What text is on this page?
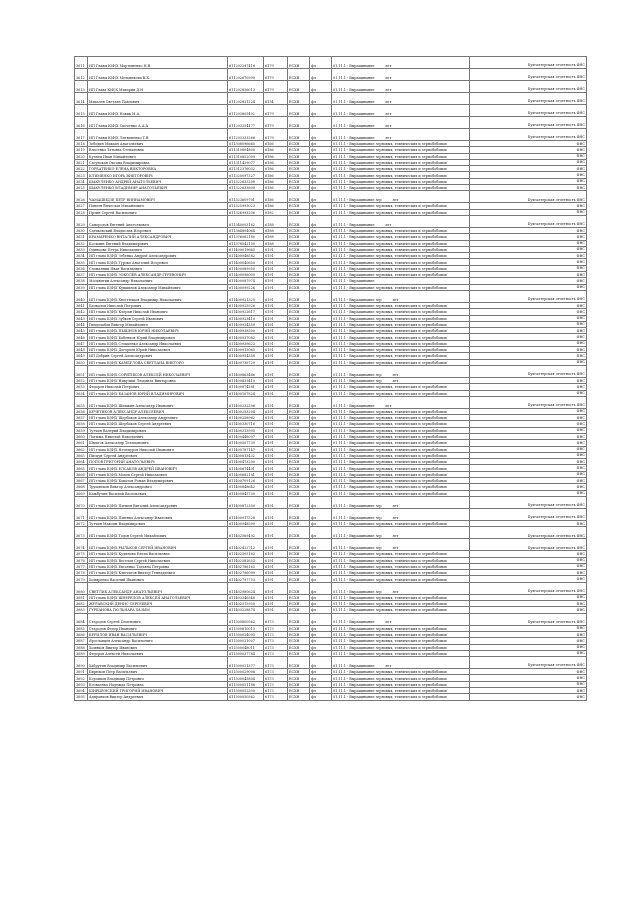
3611	ИП Главы К(Ф)Х Мартыненко Н.В.	611202297416	6179	ЕСХН	фл	01.11.1 - Выращивание лет	Бухгалтерская отчетность ФНС
3612	ИП Главы К(Ф)Х Мельникова К.Х.	611202670990	6179	ЕСХН	фл	01.11.1 - Выращивание лет	Бухгалтерская отчетность ФНС
3613	ИП Глава К(Ф)Х Михарин Д.Н	611202856013	6179	ЕСХН	фл	01.11.1 - Выращивание лет	Бухгалтерская отчетность ФНС
3614	Михалев Светлан Павлович	611202821224	6154	ЕСХН	фл	01.11.1 - Выращивание лет	Бухгалтерская отчетность ФНС
3615	ИП Главы К(Ф)Х Новик М.А.	611203805402	6179	ЕСХН	фл	01.11.1 - Выращивание лет	Бухгалтерская отчетность ФНС
3616	ИП Главы К(Ф)Х Скоченко А.А.А	611203254177	6179	ЕСХН	фл	01.11.1 - Выращивание лет	Бухгалтерская отчетность ФНС
3617	ИП Главы К(Ф)Х Литвиненко Т.В.	611203333266	6179	ЕСХН	фл	01.11.1 - Выращивание лет	Бухгалтерская отчетность ФНС
3618	Зебодин Михаил Анатольевич	611308096665	6186	ЕСХН	фл	01.11.1 - Выращивание зерновых, технических и зернобобовых	ФНС
3619	Власенко Татьяна Степановна	611310804800	6186	ЕСХН	фл	01.11.1 - Выращивание зерновых, технических и зернобобовых	ФНС
3620	Кузнец Иван Михайлович	611310852009	6186	ЕСХН	фл	01.11.1 - Выращивание зерновых, технических и зернобобовых	ФНС
3621	Сасунская Оксана Владимировна	611311429077	6186	ЕСХН	фл	01.11.1 - Выращивание зерновых, технических и зернобобовых	ФНС
3622	ГОРБАТЕНКО ЕЛЕНА ВИКТОРОВНА	611312376032	6186	ЕСХН	фл	01.11.1 - Выращивание зерновых, технических и зернобобовых	ФНС
3623	КЛИМЕНКО ИГОРЬ ВИКТОРОВИЧ	611320097327	6186	ЕСХН	фл	01.11.1 - Выращивание зерновых, технических и зернобобовых	ФНС
3624	ШАКУЛЕНКО АНДРЕЙ АНАТОЛЬЕВИЧ	611322633208	6186	ЕСХН	фл	01.11.1 - Выращивание зерновых, технических и зернобобовых	ФНС
3625	ШАКУЛЕНКО ВЛАДИМИР АНАТОЛЬЕВИЧ	611322633800	6186	ЕСХН	фл	01.11.1 - Выращивание зерновых, технических и зернобобовых	ФНС
3626	ЧАМАШИДЗЕ ПЕТР ВИННАМОВИЧ	611323609701	6186	ЕСХН	фл	01.11.1 - Выращивание зер лет	Бухгалтерская отчетность ФНС
3627	Панеев Вячеслав Михайлович	611325993023	6186	ЕСХН	фл	01.11.1 - Выращивание зерновых, технических и зернобобовых	ФНС
3628	Ирзин Сергей Васильевич	611326993206	6182	ЕСХН	фл	01.11.1 - Выращивание зерновых, технических и зернобобовых	ФНС
3629	Самородов Евгений Анатольевич	611340003162	6188	ЕСХН	фл	01.11.1 - Выращивание лет	Бухгалтерская отчетность ФНС
3630	Сатиковский Владислав Игоревич	611364804064	6188	ЕСХН	фл	01.11.1 - Выращивание зерновых, технических и зернобобовых	ФНС
3631	КРАМАРЕНКО ВИТАЛИЙ АЛЕКСАНДРОВИЧ	611376062180	6188	ЕСХН	фл	01.11.1 - Выращивание зерновых, технических и зернобобовых	ФНС
3632	Косьмин Евгений Владимирович	611378542100	6188	ЕСХН	фл	01.11.1 - Выращивание зерновых, технических и зернобобовых	ФНС
3633	Одинцова Петра Николаевич	611400019665	6191	ЕСХН	фл	01.11.1 - Выращивание зерновых, технических и зернобобовых	ФНС
3634	ИП глава К(Ф)Х Зебенко Андрей Александрович	611400048582	6191	ЕСХН	фл	01.11.1 - Выращивание зерновых, технических и зернобобовых	ФНС
3635	ИП глава К(Ф)Х Гурзко Анатолий Игоревич	611400040650	6191	ЕСХН	фл	01.11.1 - Выращивание зерновых, технических и зернобобовых	ФНС
3636	Сломанник Иван Васильевич	611400089950	6191	ЕСХН	фл	01.11.1 - Выращивание зерновых, технических и зернобобовых	ФНС
3637	ИП глава К(Ф)Х ЗОКОЛЕВ АЛЕКСАНДР ГУРЕВОНИЧ	611400096000	6191	ЕСХН	фл	01.11.1 - Выращивание зерновых, технических и зернобобовых	ФНС
3638	Москвитин Александр Николаевич	611400087974	6191	ЕСХН	фл	01.11.1 - Выращивание	ФНС
3639	ИП глава К(Ф)Х Кувшинов Александр Михайлович	611400099226	6191	ЕСХН	фл	01.11.1 - Выращивание зерновых, технических и зернобобовых	ФНС
3640	ИП глава К(Ф)Х Хвостичков Владимир Николаевич	611400921325	6191	ЕСХН	фл	01.11.1 - Выращивание зер лет	Бухгалтерская отчетность ФНС
3641	Бачкалов Николай Петрович	611400925926	6191	ЕСХН	фл	01.11.1 - Выращивание зерновых, технических и зернобобовых	ФНС
3642	ИП глава К(Ф)Х Клерин Николай Иванович	611400922617	6191	ЕСХН	фл	01.11.1 - Выращивание зерновых, технических и зернобобовых	ФНС
3643	ИП глава К(Ф)Х Зубков Сергей Иванович	611400923410	6191	ЕСХН	фл	01.11.1 - Выращивание зерновых, технических и зернобобовых	ФНС
3644	Гиндолабов Виктор Михайлович	611400924350	6191	ЕСХН	фл	01.11.1 - Выращивание зерновых, технических и зернобобовых	ФНС
3645	ИП глава К(Ф)Х ПЫШНОВ ЮРИЙ НИКОЛАЕВИЧ	611400938500	6191	ЕСХН	фл	01.11.1 - Выращивание зерновых, технических и зернобобовых	ФНС
3646	ИП глава К(Ф)Х Бабенков Юрий Владимирович	611400937082	6191	ЕСХН	фл	01.11.1 - Выращивание зерновых, технических и зернобобовых	ФНС
3647	ИП глава К(Ф)Х Стоцкенко Александр Николаевич	611400939623	6191	ЕСХН	фл	01.11.1 - Выращивание зерновых, технических и зернобобовых	ФНС
3648	ИП глава К(Ф)Х Догорьев Юрий Николаевич	611400915065	6191	ЕСХН	фл	01.11.1 - Выращивание зерновых, технических и зернобобовых	ФНС
3649	ИП Добрин Сергей Александрович	611400954358	6191	ЕСХН	фл	01.11.1 - Выращивание зерновых, технических и зернобобовых	ФНС
3650	ИП глава К(Ф)Х КАМБУЛОВА СВЕТЛАНА ВИКТОРО	611400736729	6191	ЕСХН	фл	01.11.1 - Выращивание зерновых, технических и зернобобовых	ФНС
3651	ИП глава К(Ф)Х СОРЯТИКОВ АЛЕКСЕЙ НИКОЛАЕВИЧ	611400863466	6191	ЕСХН	фл	01.11.1 - Выращивание зер лет	Бухгалтерская отчетность ФНС
3652	ИП глава К(Ф)Х Никулиш Людмила Викторовна	611400839410	6191	ЕСХН	фл	01.11.1 - Выращивание зер лет	ФНС
3653	Федоров Николай Петрович	611400874281	6191	ЕСХН	фл	01.11.1 - Выращивание зерновых, технических и зернобобовых	ФНС
3654	ИП глава К(Ф)Х БАЗАНОВ ЮРИЙ ВЛАДИМИРОВИЧ	611400107824	6191	ЕСХН	фл	01.11.1 - Выращивание зерновых, технических и зернобобовых	ФНС
3655	ИП глава К(Ф)Х Шишкин Александр Иванович	611400232396	6191	ЕСХН	фл	01.11.1 - Выращивание лет	Бухгалтерская отчетность ФНС
3656	КЕЧЕТИКОВ АЛЕКСАНДР АЛЕКСЕЕВИЧ	611400253204	6191	ЕСХН	фл	01.11.1 - Выращивание зерновых, технических и зернобобовых	ФНС
3657	ИП глава К(Ф)Х Щербаков Александр Андреевич	611400258962	6191	ЕСХН	фл	01.11.1 - Выращивание зерновых, технических и зернобобовых	ФНС
3658	ИП глава К(Ф)Х Щербаков Сергей Андреевич	611400330716	6191	ЕСХН	фл	01.11.1 - Выращивание зерновых, технических и зернобобовых	ФНС
3659	Тутчин Валерий Владимирович	611400313995	6191	ЕСХН	фл	01.11.1 - Выращивание зерновых, технических и зернобобовых	ФНС
3660	Латыжа Николай Николаевич	611400448007	6191	ЕСХН	фл	01.11.1 - Выращивание зерновых, технических и зернобобовых	ФНС
3661	Шмитов Александр Тельманович	611400507739	6191	ЕСХН	фл	01.11.1 - Выращивание зерновых, технических и зернобобовых	ФНС
3662	ИП глава К(Ф)Х Нечепуров Николай Иванович	611400787147	6191	ЕСХН	фл	01.11.1 - Выращивание зерновых, технических и зернобобовых	ФНС
3663	Пискун Сергей Андреевич	611400813432	6191	ЕСХН	фл	01.11.1 - Выращивание зерновых, технических и зернобобовых	ФНС
3664	ПОПОВ ГРИГОРИЙ АНАТОЛЬЕВИЧ	611400473200	6191	ЕСХН	фл	01.11.1 - Выращивание зерновых, технических и зернобобовых	ФНС
3665	ИП глава К(Ф)Х ЕЛСАКОВ АНДРЕЙ ИВАНОВИЧ	611400674401	6191	ЕСХН	фл	01.11.1 - Выращивание зерновых, технических и зернобобовых	ФНС
3666	ИП глава К(Ф)Х Мохов Сергей Николаевич	611400682181	6191	ЕСХН	фл	01.11.1 - Выращивание зерновых, технических и зернобобовых	ФНС
3667	ИП глава К(Ф)Х Бакалов Роман Владимирович	611400709126	6191	ЕСХН	фл	01.11.1 - Выращивание зерновых, технических и зернобобовых	ФНС
3668	Трушнеков Виктор Александрович	611400848642	6191	ЕСХН	фл	01.11.1 - Выращивание зерновых, технических и зернобобовых	ФНС
3669	Кажбулин Василий Васильевич	611400845730	6191	ЕСХН	фл	01.11.1 - Выращивание зерновых, технических и зернобобовых	ФНС
3670	ИП глава К(Ф)Х Пичков Виталий Александрович	611400872300	6191	ЕСХН	фл	01.11.1 - Выращивание зер лет	Бухгалтерская отчетность ФНС
3671	ИП глава К(Ф)Х Пшенко Александр Иванович	611400917328	6191	ЕСХН	фл	01.11.1 - Выращивание зер лет	Бухгалтерская отчетность ФНС
3672	Тутчин Максим Владимирович	611400948590	6191	ЕСХН	фл	01.11.1 - Выращивание зерновых, технических и зернобобовых	ФНС
3673	ИП глава К(Ф)Х Годов Сергей Михайлович	611402569492	6191	ЕСХН	фл	01.11.1 - Выращивание зер лет	Бухгалтерская отчетность ФНС
3674	ИП глава К(Ф)Х РЫЛЬКОВ СЕРГЕЙ ИВАНОВИЧ	611402422712	6191	ЕСХН	фл	01.11.1 - Выращивание зер лет	Бухгалтерская отчетность ФНС
3675	ИП глава К(Ф)Х Кудинова Елена Васильевна	611402505163	6191	ЕСХН	фл	01.11.1 - Выращивание зерновых, технических и зернобобовых	ФНС
3676	ИП глава К(Ф)Х Веселов Сергей Николаевич	611402582653	6191	ЕСХН	фл	01.11.1 - Выращивание зерновых, технических и зернобобовых	ФНС
3677	ИП глава К(Ф)Х Евсоенко Татьяна Петровна	611402786163	6191	ЕСХН	фл	01.11.1 - Выращивание зерновых, технических и зернобобовых	ФНС
3678	ИП глава К(Ф)Х Ключигов Виктор Геннадьевич	611402796099	6191	ЕСХН	фл	01.11.1 - Выращивание зерновых, технических и зернобобовых	ФНС
3679	Хомяренко Василий Иванович	611402797753	6191	ЕСХН	фл	01.11.1 - Выращивание зерновых, технических и зернобобовых	ФНС
3680	СВЕТЛИК АЛЕКСАНДР АНАТОЛЬЕВИЧ	611402980624	6191	ЕСХН	фл	01.11.1 - Выращивание зер лет	Бухгалтерская отчетность ФНС
3681	ИП глава К(Ф)Х ШНЕРЕЛОВ АЛЕКСЕЙ АНАТОЛЬЕВИЧ	611403346548	6191	ЕСХН	фл	01.11.1 - Выращивание зерновых, технических и зернобобовых	ФНС
3682	ЖУРАВСКИЙ ДЕНИС СЕРГЕЕВИЧ	611402575959	6191	ЕСХН	фл	01.11.1 - Выращивание зерновых, технических и зернобобовых	ФНС
3683	ГУРБАНОВА ГЮЛЬНАРА ХАЗЫМ	611403228874	6191	ЕСХН	фл	01.11.1 - Выращивание зерновых, технических и зернобобовых	ФНС
3684	Стародов Сергей Семенович	611500800562	6173	ЕСХН	фл	01.11.1 - Выращивание лет	Бухгалтерская отчетность ФНС
3685	Стародов Федор Иванович	611500810013	6173	ЕСХН	фл	01.11.1 - Выращивание зерновых, технических и зернобобовых	ФНС
3686	КУРИЛОВ ИВАН ВАСИЛЬЕВИЧ	611500024095	6173	ЕСХН	фл	01.11.1 - Выращивание зерновых, технических и зернобобовых	ФНС
3687	Ярославцев Александр Васильевич	611500021007	6173	ЕСХН	фл	01.11.1 - Выращивание зерновых, технических и зернобобовых	ФНС
3688	Хомяков Виктор Иванович	611500048011	6173	ЕСХН	фл	01.11.1 - Выращивание зерновых, технических и зернобобовых	ФНС
3689	Федоров Алексей Николаевич	611500037784	6173	ЕСХН	фл	01.11.1 - Выращивание зерновых, технических и зернобобовых	ФНС
3690	Хабрутин Владимир Васильевич	611500021377	6173	ЕСХН	фл	01.11.1 - Выращивание лет	Бухгалтерская отчетность ФНС
3691	Бирюков Пётр Васильевич	611500029008	6173	ЕСХН	фл	01.11.1 - Выращивание зерновых, технических и зернобобовых	ФНС
3692	Ксроиков Владимир Петрович	611500045804	6173	ЕСХН	фл	01.11.1 - Выращивание зерновых, технических и зернобобовых	ФНС
3693	Ксоваенко Надежда Петровна	611500051188	6173	ЕСХН	фл	01.11.1 - Выращивание зерновых, технических и зернобобовых	ФНС
3694	ШИРШУНСКИЙ ГРИГОРИЙ ИВАНОВИЧ	611500052300	6173	ЕСХН	фл	01.11.1 - Выращивание зерновых, технических и зернобобовых	ФНС
3695	Адиранков Виктор Андреевич	611500050562	6173	ЕСХН	фл	01.11.1 - Выращивание зерновых, технических и зернобобовых	ФНС
